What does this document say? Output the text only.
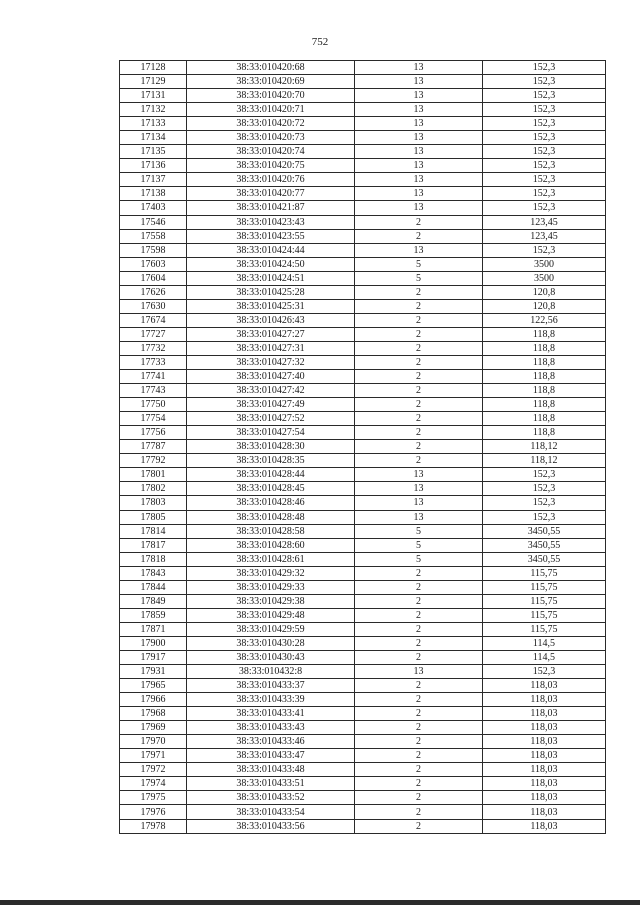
752
17128	38:33:010420:68	13	152,3
17129	38:33:010420:69	13	152,3
17131	38:33:010420:70	13	152,3
17132	38:33:010420:71	13	152,3
17133	38:33:010420:72	13	152,3
17134	38:33:010420:73	13	152,3
17135	38:33:010420:74	13	152,3
17136	38:33:010420:75	13	152,3
17137	38:33:010420:76	13	152,3
17138	38:33:010420:77	13	152,3
17403	38:33:010421:87	13	152,3
17546	38:33:010423:43	2	123,45
17558	38:33:010423:55	2	123,45
17598	38:33:010424:44	13	152,3
17603	38:33:010424:50	5	3500
17604	38:33:010424:51	5	3500
17626	38:33:010425:28	2	120,8
17630	38:33:010425:31	2	120,8
17674	38:33:010426:43	2	122,56
17727	38:33:010427:27	2	118,8
17732	38:33:010427:31	2	118,8
17733	38:33:010427:32	2	118,8
17741	38:33:010427:40	2	118,8
17743	38:33:010427:42	2	118,8
17750	38:33:010427:49	2	118,8
17754	38:33:010427:52	2	118,8
17756	38:33:010427:54	2	118,8
17787	38:33:010428:30	2	118,12
17792	38:33:010428:35	2	118,12
17801	38:33:010428:44	13	152,3
17802	38:33:010428:45	13	152,3
17803	38:33:010428:46	13	152,3
17805	38:33:010428:48	13	152,3
17814	38:33:010428:58	5	3450,55
17817	38:33:010428:60	5	3450,55
17818	38:33:010428:61	5	3450,55
17843	38:33:010429:32	2	115,75
17844	38:33:010429:33	2	115,75
17849	38:33:010429:38	2	115,75
17859	38:33:010429:48	2	115,75
17871	38:33:010429:59	2	115,75
17900	38:33:010430:28	2	114,5
17917	38:33:010430:43	2	114,5
17931	38:33:010432:8	13	152,3
17965	38:33:010433:37	2	118,03
17966	38:33:010433:39	2	118,03
17968	38:33:010433:41	2	118,03
17969	38:33:010433:43	2	118,03
17970	38:33:010433:46	2	118,03
17971	38:33:010433:47	2	118,03
17972	38:33:010433:48	2	118,03
17974	38:33:010433:51	2	118,03
17975	38:33:010433:52	2	118,03
17976	38:33:010433:54	2	118,03
17978	38:33:010433:56	2	118,03
